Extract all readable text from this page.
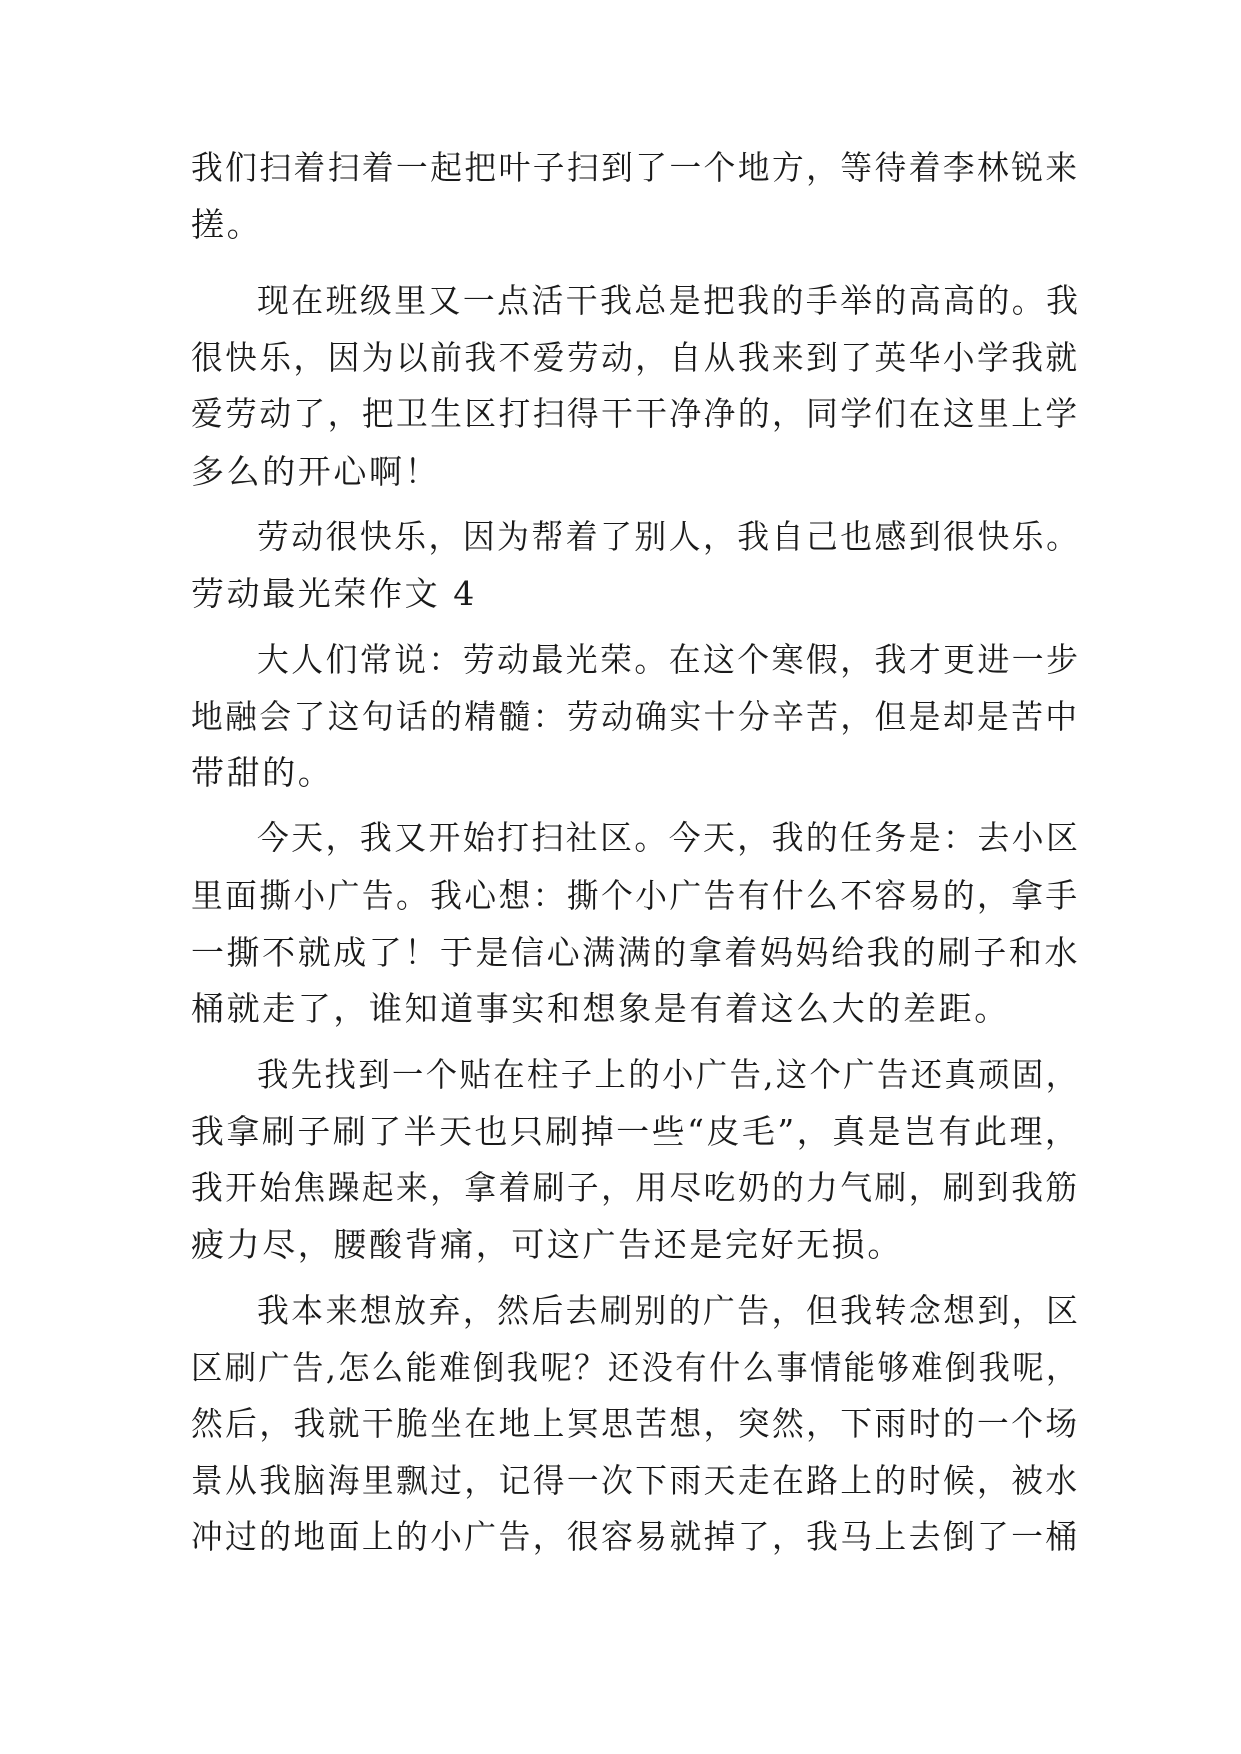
我们扫着扫着一起把叶子扫到了一个地方，等待着李林锐来
搓。
现在班级里又一点活干我总是把我的手举的高高的。我
很快乐，因为以前我不爱劳动，自从我来到了英华小学我就
爱劳动了，把卫生区打扫得干干净净的，同学们在这里上学
多么的开心啊！
劳动很快乐，因为帮着了别人，我自己也感到很快乐。
劳动最光荣作文 4
大人们常说：劳动最光荣。在这个寒假，我才更进一步
地融会了这句话的精髓：劳动确实十分辛苦，但是却是苦中
带甜的。
今天，我又开始打扫社区。今天，我的任务是：去小区
里面撕小广告。我心想：撕个小广告有什么不容易的，拿手
一撕不就成了！于是信心满满的拿着妈妈给我的刷子和水
桶就走了，谁知道事实和想象是有着这么大的差距。
我先找到一个贴在柱子上的小广告,这个广告还真顽固，
我拿刷子刷了半天也只刷掉一些“皮毛”，真是岂有此理，
我开始焦躁起来，拿着刷子，用尽吃奶的力气刷，刷到我筋
疲力尽，腰酸背痛，可这广告还是完好无损。
我本来想放弃，然后去刷别的广告，但我转念想到，区
区刷广告,怎么能难倒我呢？还没有什么事情能够难倒我呢，
然后，我就干脆坐在地上冥思苦想，突然，下雨时的一个场
景从我脑海里飘过，记得一次下雨天走在路上的时候，被水
冲过的地面上的小广告，很容易就掉了，我马上去倒了一桶
